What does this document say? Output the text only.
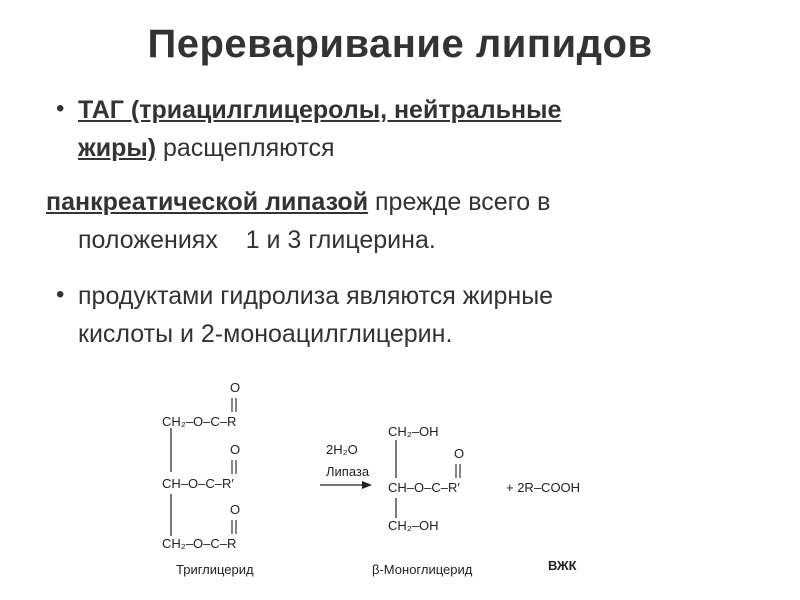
Переваривание липидов
• ТАГ (триацилглицеролы, нейтральные
жиры) расщепляются
панкреатической липазой прежде всего в
положениях    1 и 3 глицерина.
• продуктами гидролиза являются жирные
кислоты и 2-моноацилглицерин.
O
CH₂–O–C–R
O
CH–O–C–R′
O
CH₂–O–C–R
Триглицерид
2H₂O
Липаза
CH₂–OH
O
CH–O–C–R′
CH₂–OH
β-Моноглицерид
+ 2R–COOH
ВЖК
